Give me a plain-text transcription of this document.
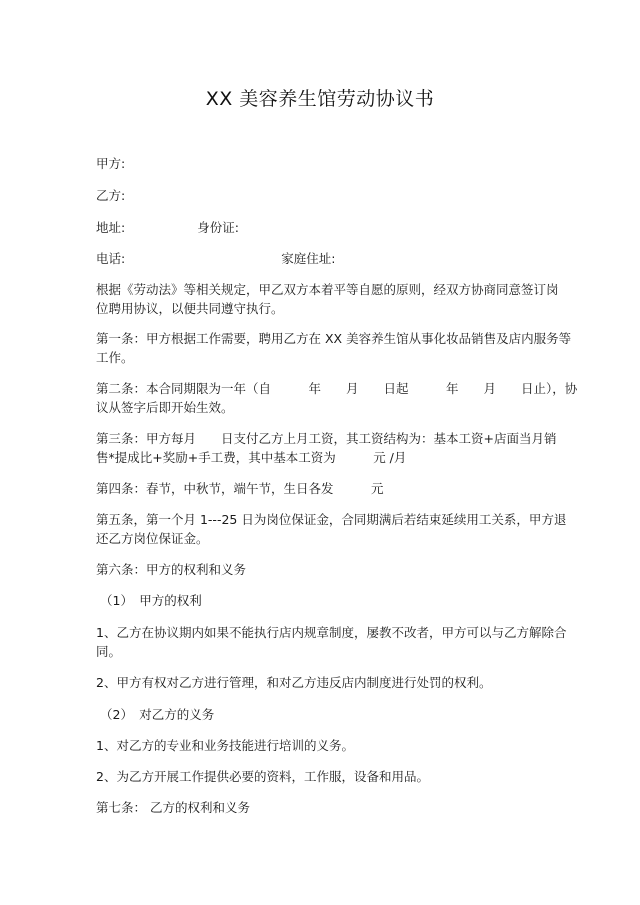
XX 美容养生馆劳动协议书
甲方:
乙方:
地址:	身份证:
电话:	家庭住址:
根据《劳动法》等相关规定，甲乙双方本着平等自愿的原则，经双方协商同意签订岗
位聘用协议，以便共同遵守执行。
第一条：甲方根据工作需要，聘用乙方在 XX 美容养生馆从事化妆品销售及店内服务等
工作。
第二条：本合同期限为一年（自　　　年　　月　　日起　　　年　　月　　日止），协
议从签字后即开始生效。
第三条：甲方每月　　日支付乙方上月工资，其工资结构为：基本工资+店面当月销
售*提成比+奖励+手工费，其中基本工资为　　　元 /月
第四条：春节，中秋节，端午节，生日各发　　　元
第五条，第一个月 1---25 日为岗位保证金，合同期满后若结束延续用工关系，甲方退
还乙方岗位保证金。
第六条：甲方的权利和义务
（1）　甲方的权利
1、乙方在协议期内如果不能执行店内规章制度，屡教不改者，甲方可以与乙方解除合
同。
2、甲方有权对乙方进行管理，和对乙方违反店内制度进行处罚的权利。
（2）　对乙方的义务
1、对乙方的专业和业务技能进行培训的义务。
2、为乙方开展工作提供必要的资料，工作服，设备和用品。
第七条： 乙方的权利和义务
